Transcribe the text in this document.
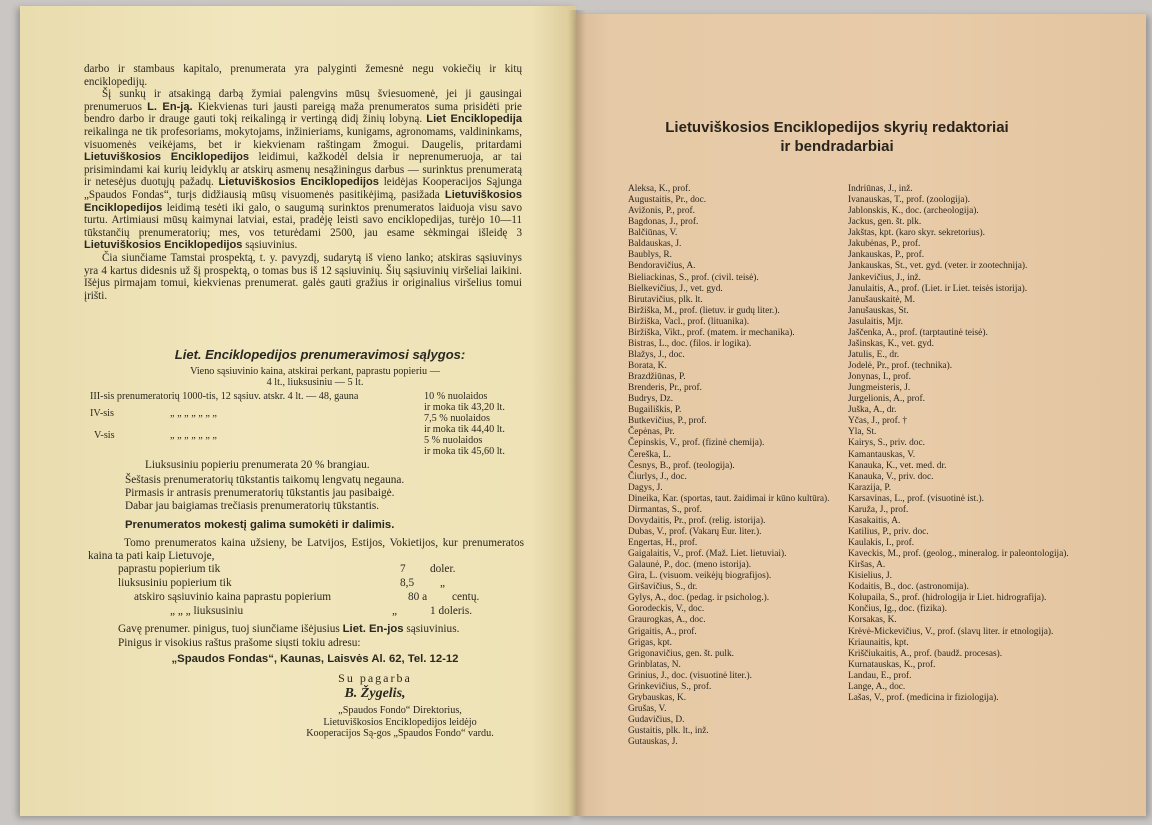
darbo ir stambaus kapitalo, prenumerata yra palyginti žemesnė negu vokiečių ir kitų enciklopedijų.

Šį sunkų ir atsakingą darbą žymiai palengvins mūsų šviesuomenė, jei ji gausingai prenumeruos L. En-ją. Kiekvienas turi jausti pareigą maža prenumeratos suma prisidėti prie bendro darbo ir drauge gauti tokį reikalingą ir vertingą didį žinių lobyną. Liet Enciklopedija reikalinga ne tik profesoriams, mokytojams, inžinieriams, kunigams, agronomams, valdininkams, visuomenės veikėjams, bet ir kiekvienam raštingam žmogui. Daugelis, pritardami Lietuviškosios Enciklopedijos leidimui, kažkodėl delsia ir neprenumeruoja, ar tai prisimindami kai kurių leidyklų ar atskirų asmenų nesąžiningus darbus — surinktus prenumeratą ir netesėjus duotųjų pažadų. Lietuviškosios Enciklopedijos leidėjas Kooperacijos Sąjunga „Spaudos Fondas“, turįs didžiausią mūsų visuomenės pasitikėjimą, pasižada Lietuviškosios Enciklopedijos leidimą tesėti iki galo, o saugumą surinktos prenumeratos laiduoja visu savo turtu. Artimiausi mūsų kaimynai latviai, estai, pradėję leisti savo enciklopedijas, turėjo 10—11 tūkstančių prenumeratorių; mes, vos teturėdami 2500, jau esame sėkmingai išleidę 3 Lietuviškosios Enciklopedijos sąsiuvinius.

Čia siunčiame Tamstai prospektą, t. y. pavyzdį, sudarytą iš vieno lanko; atskiras sąsiuvinys yra 4 kartus didesnis už šį prospektą, o tomas bus iš 12 sąsiuvinių. Šių sąsiuvinių viršeliai laikini. Išėjus pirmajam tomui, kiekvienas prenumerat. galės gauti gražius ir originalius viršelius tomui įrišti.

Liet. Enciklopedijos prenumeravimosi sąlygos:
Vieno sąsiuvinio kaina, atskirai perkant, paprastu popieriu —
4 lt., liuksusiniu — 5 lt.
III-sis prenumeratorių 1000-tis, 12 sąsiuv. atskr. 4 lt. — 48, gauna	10 % nuolaidos
ir moka tik 43,20 lt.
IV-sis	„ „ „ „ „ „ „	7,5 % nuolaidos
ir moka tik 44,40 lt.
V-sis	„ „ „ „ „ „ „	5 % nuolaidos
ir moka tik 45,60 lt.
Liuksusiniu popieriu prenumerata 20 % brangiau.
Šeštasis prenumeratorių tūkstantis taikomų lengvatų negauna.
Pirmasis ir antrasis prenumeratorių tūkstantis jau pasibaigė.
Dabar jau baigiamas trečiasis prenumeratorių tūkstantis.
Prenumeratos mokestį galima sumokėti ir dalimis.
Tomo prenumeratos kaina užsieny, be Latvijos, Estijos, Vokietijos, kur prenumeratos kaina ta pati kaip Lietuvoje,
paprastu popierium tik	7	doler.
liuksusiniu popierium tik	8,5	„
atskiro sąsiuvinio kaina paprastu popierium	80 a	centų.
„ „ „ liuksusiniu	„	1 doleris.
Gavę prenumer. pinigus, tuoj siunčiame išėjusius Liet. En-jos sąsiuvinius.
Pinigus ir visokius raštus prašome siųsti tokiu adresu:
„Spaudos Fondas“, Kaunas, Laisvės Al. 62, Tel. 12-12
Su pagarba
B. Žygelis,
„Spaudos Fondo“ Direktorius,
Lietuviškosios Enciklopedijos leidėjo
Kooperacijos Są-gos „Spaudos Fondo“ vardu.
Lietuviškosios Enciklopedijos skyrių redaktoriai
ir bendradarbiai
Aleksa, K., prof.
Augustaitis, Pr., doc.
Avižonis, P., prof.
Bagdonas, J., prof.
Balčiūnas, V.
Baldauskas, J.
Baublys, R.
Bendoravičius, A.
Bieliackinas, S., prof. (civil. teisė).
Bielkevičius, J., vet. gyd.
Birutavičius, plk. lt.
Biržiška, M., prof. (lietuv. ir gudų liter.).
Biržiška, Vacl., prof. (lituanika).
Biržiška, Vikt., prof. (matem. ir mechanika).
Bistras, L., doc. (filos. ir logika).
Blažys, J., doc.
Borata, K.
Brazdžiūnas, P.
Brenderis, Pr., prof.
Budrys, Dz.
Bugailiškis, P.
Butkevičius, P., prof.
Čepėnas, Pr.
Čepinskis, V., prof. (fizinė chemija).
Čereška, L.
Česnys, B., prof. (teologija).
Čiurlys, J., doc.
Dagys, J.
Dineika, Kar. (sportas, taut. žaidimai ir kūno kultūra).
Dirmantas, S., prof.
Dovydaitis, Pr., prof. (relig. istorija).
Dubas, V., prof. (Vakarų Eur. liter.).
Engertas, H., prof.
Gaigalaitis, V., prof. (Maž. Liet. lietuviai).
Galaunė, P., doc. (meno istorija).
Gira, L. (visuom. veikėjų biografijos).
Giršavičius, S., dr.
Gylys, A., doc. (pedag. ir psicholog.).
Gorodeckis, V., doc.
Graurogkas, A., doc.
Grigaitis, A., prof.
Grigas, kpt.
Grigonavičius, gen. št. pulk.
Grinblatas, N.
Grinius, J., doc. (visuotinė liter.).
Grinkevičius, S., prof.
Grybauskas, K.
Grušas, V.
Gudavičius, D.
Gustaitis, plk. lt., inž.
Gutauskas, J.
Indriūnas, J., inž.
Ivanauskas, T., prof. (zoologija).
Jablonskis, K., doc. (archeologija).
Jackus, gen. št. plk.
Jakštas, kpt. (karo skyr. sekretorius).
Jakubėnas, P., prof.
Jankauskas, P., prof.
Jankauskas, St., vet. gyd. (veter. ir zootechnija).
Jankevičius, J., inž.
Janulaitis, A., prof. (Liet. ir Liet. teisės istorija).
Janušauskaitė, M.
Janušauskas, St.
Jasulaitis, Mjr.
Jaščenka, A., prof. (tarptautinė teisė).
Jašinskas, K., vet. gyd.
Jatulis, E., dr.
Jodelė, Pr., prof. (technika).
Jonynas, I., prof.
Jungmeisteris, J.
Jurgelionis, A., prof.
Juška, A., dr.
Yčas, J., prof. †
Yla, St.
Kairys, S., priv. doc.
Kamantauskas, V.
Kanauka, K., vet. med. dr.
Kanauka, V., priv. doc.
Karazija, P.
Karsavinas, L., prof. (visuotinė ist.).
Karuža, J., prof.
Kasakaitis, A.
Katilius, P., priv. doc.
Kaulakis, I., prof.
Kaveckis, M., prof. (geolog., mineralog. ir paleontologija).
Kiršas, A.
Kisielius, J.
Kodaitis, B., doc. (astronomija).
Kolupaila, S., prof. (hidrologija ir Liet. hidrografija).
Končius, Ig., doc. (fizika).
Korsakas, K.
Krėvė-Mickevičius, V., prof. (slavų liter. ir etnologija).
Kriaunaitis, kpt.
Kriščiukaitis, A., prof. (baudž. procesas).
Kurnatauskas, K., prof.
Landau, E., prof.
Lange, A., doc.
Lašas, V., prof. (medicina ir fiziologija).
